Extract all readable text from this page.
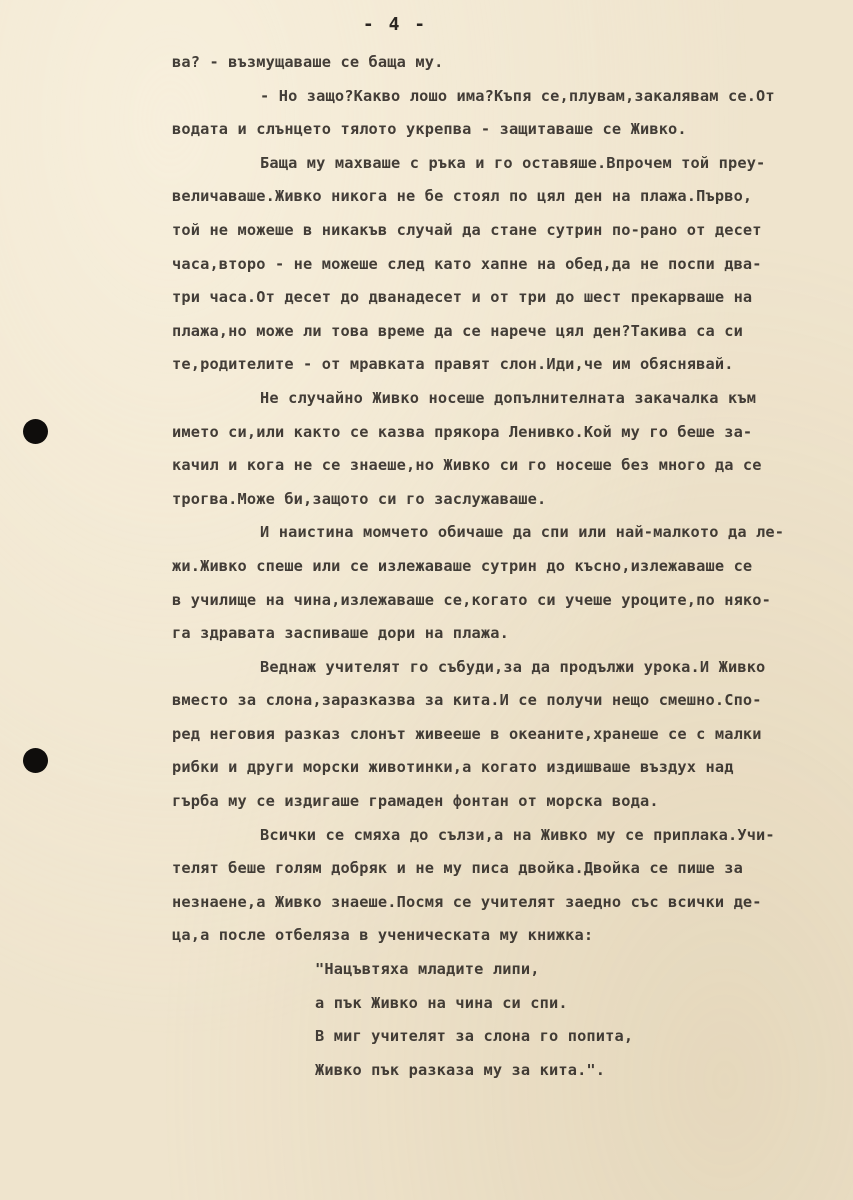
- 4 -
ва? - възмущаваше се баща му.
- Но защо?Какво лошо има?Къпя се,плувам,закалявам се.От
водата и слънцето тялото укрепва - защитаваше се Живко.
Баща му махваше с ръка и го оставяше.Впрочем той преу-
величаваше.Живко никога не бе стоял по цял ден на плажа.Първо,
той не можеше в никакъв случай да стане сутрин по-рано от десет
часа,второ - не можеше след като хапне на обед,да не поспи два-
три часа.От десет до дванадесет и от три до шест прекарваше на
плажа,но може ли това време да се нарече цял ден?Такива са си
те,родителите - от мравката правят слон.Иди,че им обяснявай.
Не случайно Живко носеше допълнителната закачалка към
името си,или както се казва прякора Ленивко.Кой му го беше за-
качил и кога не се знаеше,но Живко си го носеше без много да се
трогва.Може би,защото си го заслужаваше.
И наистина момчето обичаше да спи или най-малкото да ле-
жи.Живко спеше или се излежаваше сутрин до късно,излежаваше се
в училище на чина,излежаваше се,когато си учеше уроците,по няко-
га здравата заспиваше дори на плажа.
Веднаж учителят го събуди,за да продължи урока.И Живко
вместо за слона,заразказва за кита.И се получи нещо смешно.Спо-
ред неговия разказ слонът живееше в океаните,хранеше се с малки
рибки и други морски животинки,а когато издишваше въздух над
гърба му се издигаше грамаден фонтан от морска вода.
Всички се смяха до сълзи,а на Живко му се приплака.Учи-
телят беше голям добряк и не му писа двойка.Двойка се пише за
незнаене,а Живко знаеше.Посмя се учителят заедно със всички де-
ца,а после отбеляза в ученическата му книжка:
"Нацъвтяха младите липи,
а пък Живко на чина си спи.
В миг учителят за слона го попита,
Живко пък разказа му за кита.".
